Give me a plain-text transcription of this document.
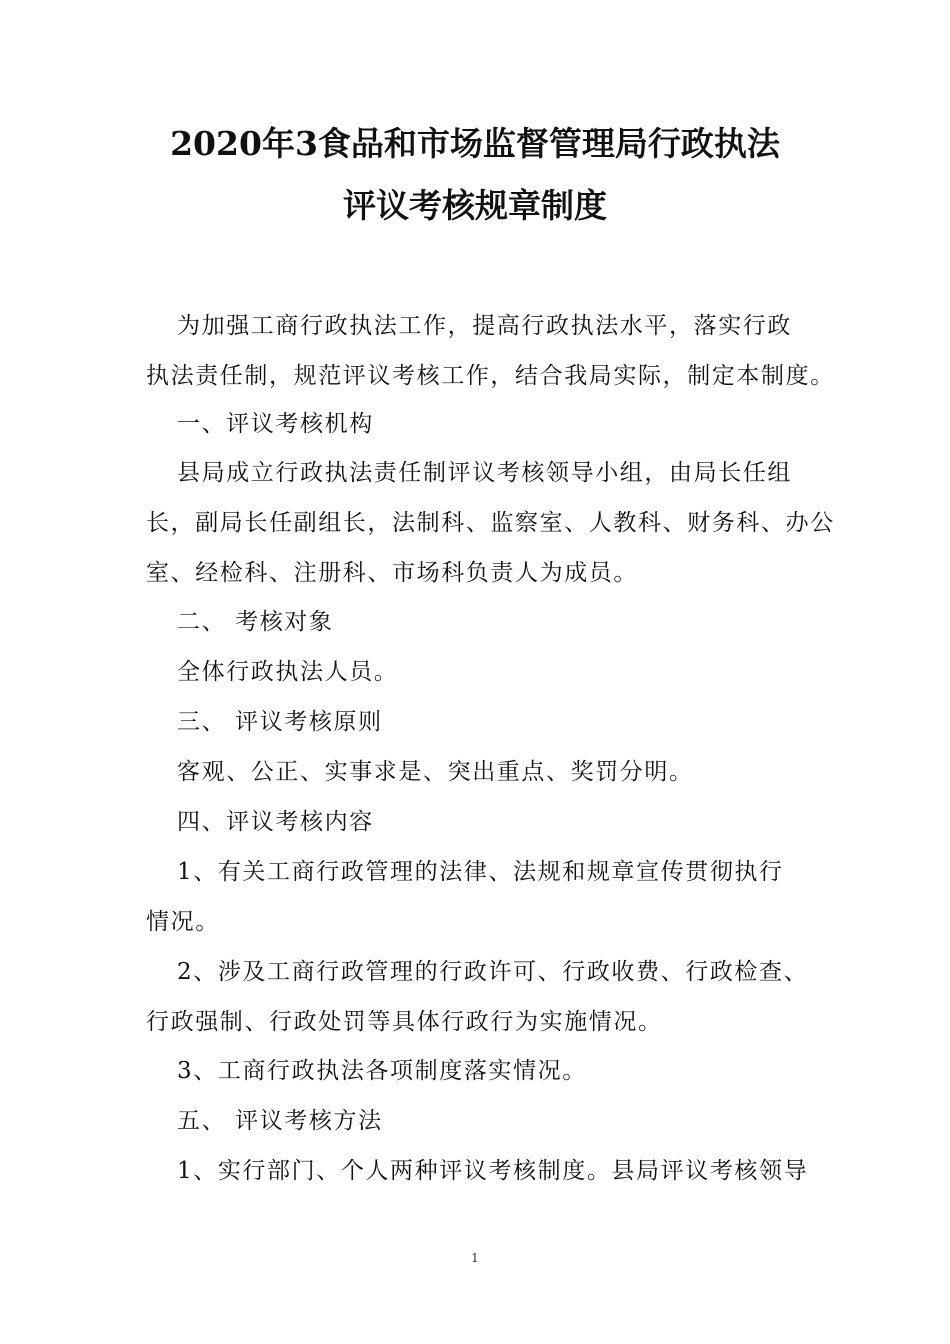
2020年3食品和市场监督管理局行政执法
评议考核规章制度
为加强工商行政执法工作，提高行政执法水平，落实行政
执法责任制，规范评议考核工作，结合我局实际，制定本制度。
一、评议考核机构
县局成立行政执法责任制评议考核领导小组，由局长任组
长，副局长任副组长，法制科、监察室、人教科、财务科、办公
室、经检科、注册科、市场科负责人为成员。
二、 考核对象
全体行政执法人员。
三、 评议考核原则
客观、公正、实事求是、突出重点、奖罚分明。
四、评议考核内容
1、有关工商行政管理的法律、法规和规章宣传贯彻执行
情况。
2、涉及工商行政管理的行政许可、行政收费、行政检查、
行政强制、行政处罚等具体行政行为实施情况。
3、工商行政执法各项制度落实情况。
五、 评议考核方法
1、实行部门、个人两种评议考核制度。县局评议考核领导
1
